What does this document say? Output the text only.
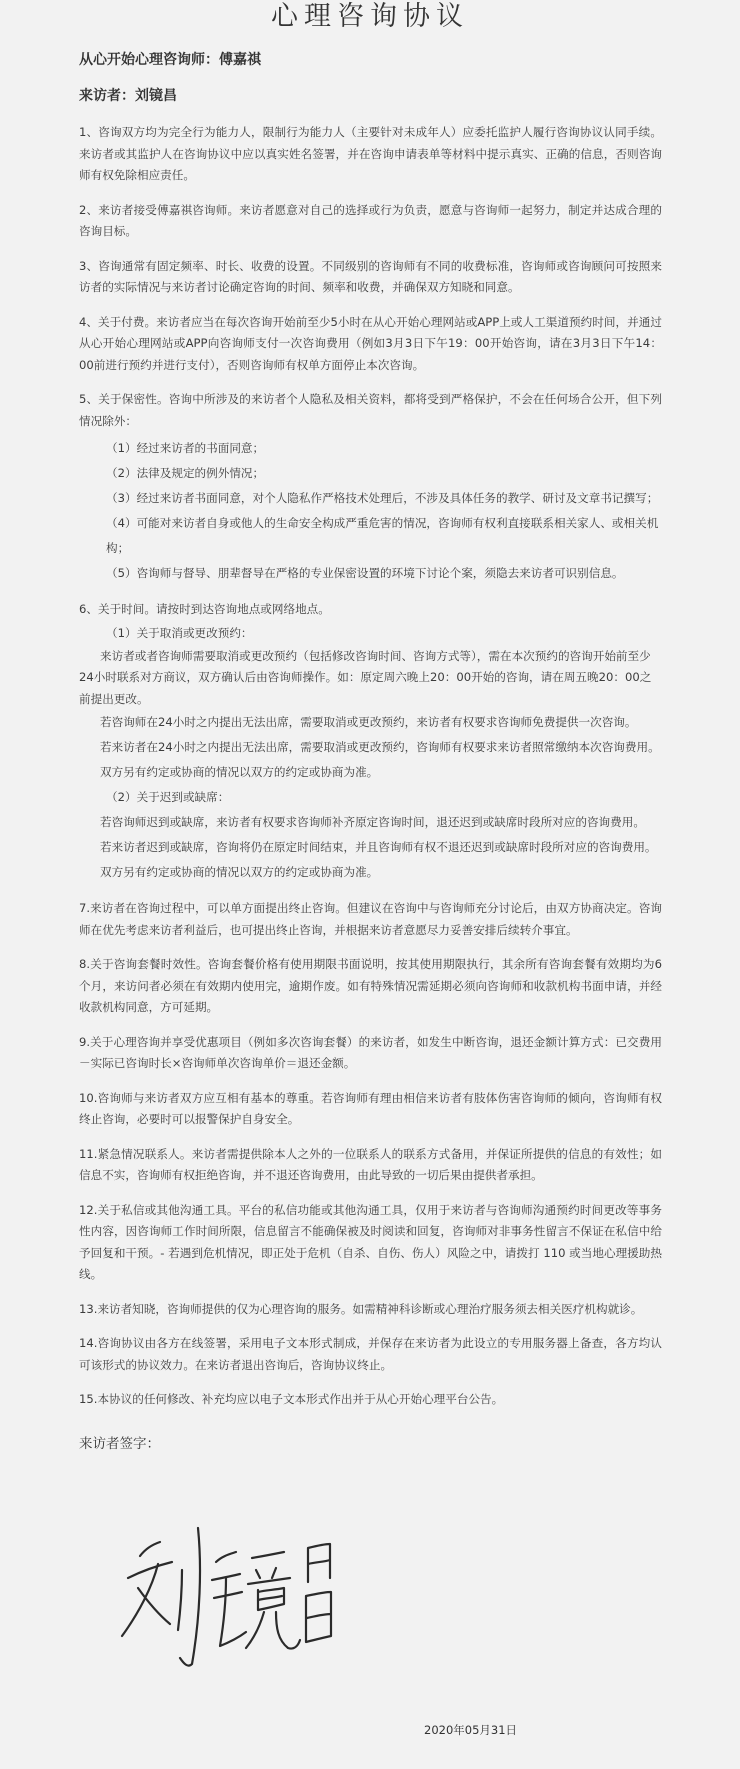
心理咨询协议
从心开始心理咨询师：傅嘉祺
来访者：刘镜昌

1、咨询双方均为完全行为能力人，限制行为能力人（主要针对未成年人）应委托监护人履行咨询协议认同手续。来访者或其监护人在咨询协议中应以真实姓名签署，并在咨询申请表单等材料中提示真实、正确的信息，否则咨询师有权免除相应责任。

2、来访者接受傅嘉祺咨询师。来访者愿意对自己的选择或行为负责，愿意与咨询师一起努力，制定并达成合理的咨询目标。

3、咨询通常有固定频率、时长、收费的设置。不同级别的咨询师有不同的收费标准，咨询师或咨询顾问可按照来访者的实际情况与来访者讨论确定咨询的时间、频率和收费，并确保双方知晓和同意。

4、关于付费。来访者应当在每次咨询开始前至少5小时在从心开始心理网站或APP上或人工渠道预约时间，并通过从心开始心理网站或APP向咨询师支付一次咨询费用（例如3月3日下午19：00开始咨询，请在3月3日下午14：00前进行预约并进行支付），否则咨询师有权单方面停止本次咨询。

5、关于保密性。咨询中所涉及的来访者个人隐私及相关资料，都将受到严格保护，不会在任何场合公开，但下列情况除外：

（1）经过来访者的书面同意；

（2）法律及规定的例外情况；

（3）经过来访者书面同意，对个人隐私作严格技术处理后，不涉及具体任务的教学、研讨及文章书记撰写；

（4）可能对来访者自身或他人的生命安全构成严重危害的情况，咨询师有权利直接联系相关家人、或相关机构；

（5）咨询师与督导、朋辈督导在严格的专业保密设置的环境下讨论个案，须隐去来访者可识别信息。

6、关于时间。请按时到达咨询地点或网络地点。

（1）关于取消或更改预约：

来访者或者咨询师需要取消或更改预约（包括修改咨询时间、咨询方式等），需在本次预约的咨询开始前至少24小时联系对方商议，双方确认后由咨询师操作。如：原定周六晚上20：00开始的咨询，请在周五晚20：00之前提出更改。

若咨询师在24小时之内提出无法出席，需要取消或更改预约，来访者有权要求咨询师免费提供一次咨询。

若来访者在24小时之内提出无法出席，需要取消或更改预约，咨询师有权要求来访者照常缴纳本次咨询费用。

双方另有约定或协商的情况以双方的约定或协商为准。

（2）关于迟到或缺席：

若咨询师迟到或缺席，来访者有权要求咨询师补齐原定咨询时间，退还迟到或缺席时段所对应的咨询费用。

若来访者迟到或缺席，咨询将仍在原定时间结束，并且咨询师有权不退还迟到或缺席时段所对应的咨询费用。

双方另有约定或协商的情况以双方的约定或协商为准。

7.来访者在咨询过程中，可以单方面提出终止咨询。但建议在咨询中与咨询师充分讨论后，由双方协商决定。咨询师在优先考虑来访者利益后，也可提出终止咨询，并根据来访者意愿尽力妥善安排后续转介事宜。

8.关于咨询套餐时效性。咨询套餐价格有使用期限书面说明，按其使用期限执行，其余所有咨询套餐有效期均为6个月，来访问者必须在有效期内使用完，逾期作废。如有特殊情况需延期必须向咨询师和收款机构书面申请，并经收款机构同意，方可延期。

9.关于心理咨询并享受优惠项目（例如多次咨询套餐）的来访者，如发生中断咨询，退还金额计算方式：已交费用－实际已咨询时长×咨询师单次咨询单价＝退还金额。

10.咨询师与来访者双方应互相有基本的尊重。若咨询师有理由相信来访者有肢体伤害咨询师的倾向，咨询师有权终止咨询，必要时可以报警保护自身安全。

11.紧急情况联系人。来访者需提供除本人之外的一位联系人的联系方式备用，并保证所提供的信息的有效性；如信息不实，咨询师有权拒绝咨询，并不退还咨询费用，由此导致的一切后果由提供者承担。

12.关于私信或其他沟通工具。平台的私信功能或其他沟通工具，仅用于来访者与咨询师沟通预约时间更改等事务性内容，因咨询师工作时间所限，信息留言不能确保被及时阅读和回复，咨询师对非事务性留言不保证在私信中给予回复和干预。- 若遇到危机情况，即正处于危机（自杀、自伤、伤人）风险之中，请拨打 110 或当地心理援助热线。

13.来访者知晓，咨询师提供的仅为心理咨询的服务。如需精神科诊断或心理治疗服务须去相关医疗机构就诊。

14.咨询协议由各方在线签署，采用电子文本形式制成，并保存在来访者为此设立的专用服务器上备查，各方均认可该形式的协议效力。在来访者退出咨询后，咨询协议终止。

15.本协议的任何修改、补充均应以电子文本形式作出并于从心开始心理平台公告。

来访者签字：
2020年05月31日
